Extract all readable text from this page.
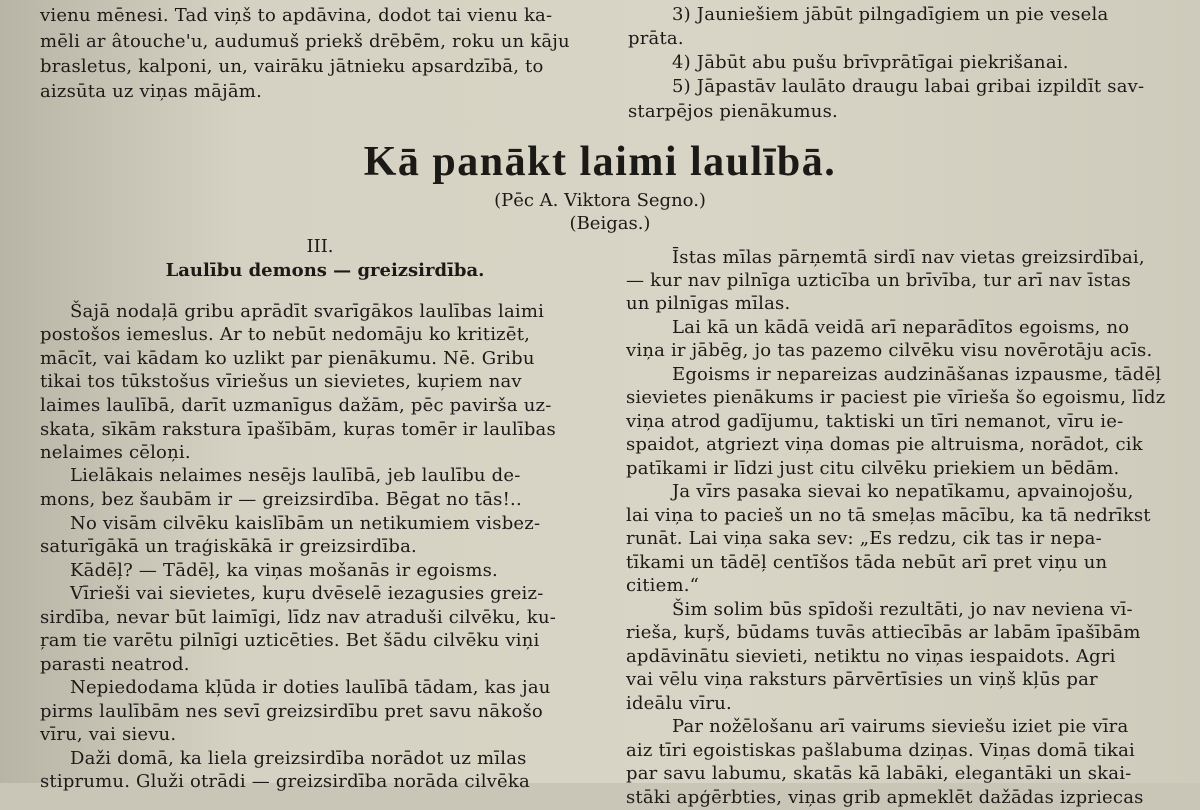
vienu mēnesi. Tad viņš to apdāvina, dodot tai vienu ka-

mēli ar âtouche'u, audumuš priekš drēbēm, roku un kāju

brasletus, kalponi, un, vairāku jātnieku apsardzībā, to

aizsūta uz viņas mājām.

3) Jauniešiem jābūt pilngadīgiem un pie vesela

prāta.

4) Jābūt abu pušu brīvprātīgai piekrišanai.

5) Jāpastāv laulāto draugu labai gribai izpildīt sav-

starpējos pienākumus.

Kā panākt laimi laulībā.
(Pēc A. Viktora Segno.)
(Beigas.)
III.
Laulību demons — greizsirdība.

Šajā nodaļā gribu aprādīt svarīgākos laulības laimi

postošos iemeslus. Ar to nebūt nedomāju ko kritizēt,

mācīt, vai kādam ko uzlikt par pienākumu. Nē. Gribu

tikai tos tūkstošus vīriešus un sievietes, kuŗiem nav

laimes laulībā, darīt uzmanīgus dažām, pēc pavirša uz-

skata, sīkām rakstura īpašībām, kuŗas tomēr ir laulības

nelaimes cēloņi.

Lielākais nelaimes nesējs laulībā, jeb laulību de-

mons, bez šaubām ir — greizsirdība. Bēgat no tās!..

No visām cilvēku kaislībām un netikumiem visbez-

saturīgākā un traģiskākā ir greizsirdība.

Kādēļ? — Tādēļ, ka viņas mošanās ir egoisms.

Vīrieši vai sievietes, kuŗu dvēselē iezagusies greiz-

sirdība, nevar būt laimīgi, līdz nav atraduši cilvēku, ku-

ŗam tie varētu pilnīgi uzticēties. Bet šādu cilvēku viņi

parasti neatrod.

Nepiedodama kļūda ir doties laulībā tādam, kas jau

pirms laulībām nes sevī greizsirdību pret savu nākošo

vīru, vai sievu.

Daži domā, ka liela greizsirdība norādot uz mīlas

stiprumu. Gluži otrādi — greizsirdība norāda cilvēka

Īstas mīlas pārņemtā sirdī nav vietas greizsirdībai,

— kur nav pilnīga uzticība un brīvība, tur arī nav īstas

un pilnīgas mīlas.

Lai kā un kādā veidā arī neparādītos egoisms, no

viņa ir jābēg, jo tas pazemo cilvēku visu novērotāju acīs.

Egoisms ir nepareizas audzināšanas izpausme, tādēļ

sievietes pienākums ir paciest pie vīrieša šo egoismu, līdz

viņa atrod gadījumu, taktiski un tīri nemanot, vīru ie-

spaidot, atgriezt viņa domas pie altruisma, norādot, cik

patīkami ir līdzi just citu cilvēku priekiem un bēdām.

Ja vīrs pasaka sievai ko nepatīkamu, apvainojošu,

lai viņa to pacieš un no tā smeļas mācību, ka tā nedrīkst

runāt. Lai viņa saka sev: „Es redzu, cik tas ir nepa-

tīkami un tādēļ centīšos tāda nebūt arī pret viņu un

citiem.“

Šim solim būs spīdoši rezultāti, jo nav neviena vī-

rieša, kuŗš, būdams tuvās attiecībās ar labām īpašībām

apdāvinātu sievieti, netiktu no viņas iespaidots. Agri

vai vēlu viņa raksturs pārvērtīsies un viņš kļūs par

ideālu vīru.

Par nožēlošanu arī vairums sieviešu iziet pie vīra

aiz tīri egoistiskas pašlabuma dziņas. Viņas domā tikai

par savu labumu, skatās kā labāki, elegantāki un skai-

stāki apģērbties, viņas grib apmeklēt dažādas izpriecas
